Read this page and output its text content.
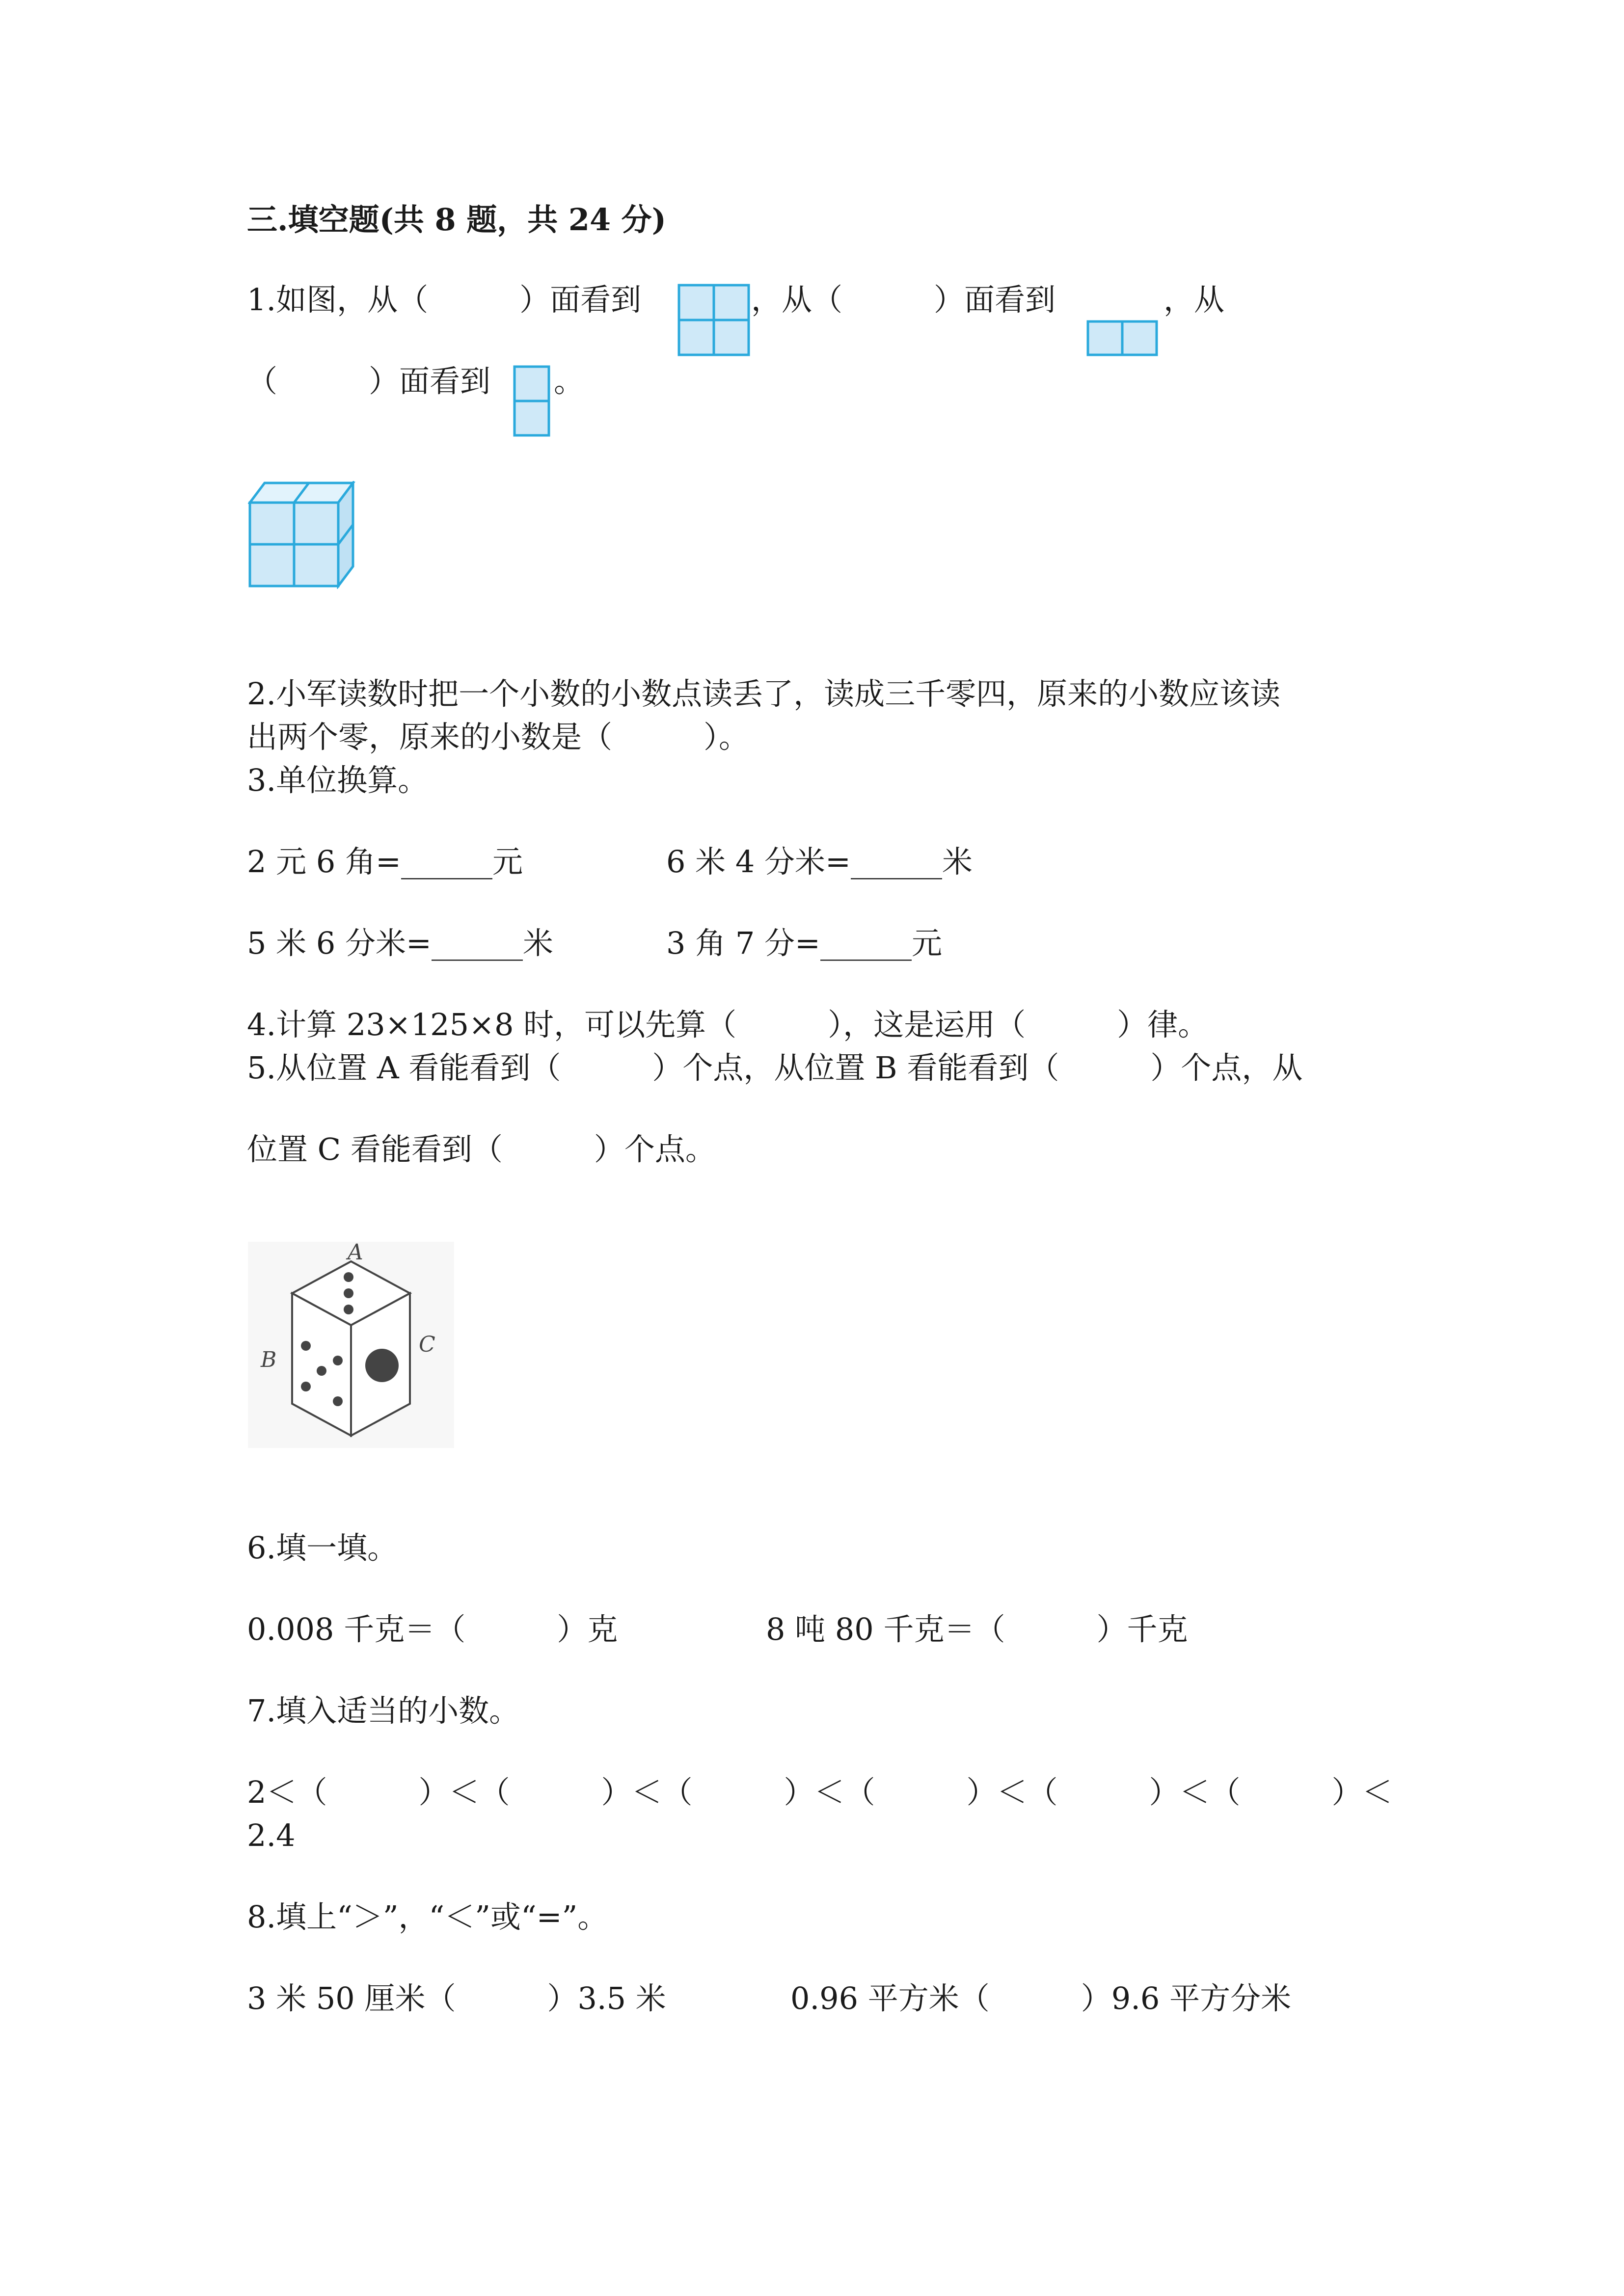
三.填空题(共 8 题，共 24 分)
1.如图，从（　　　）面看到	，从（　　　）面看到	，从
（　　　）面看到 。
2.小军读数时把一个小数的小数点读丢了，读成三千零四，原来的小数应该读
出两个零，原来的小数是（　　　）。
3.单位换算。
2 元 6 角=______元	6 米 4 分米=______米
5 米 6 分米=______米	3 角 7 分=______元
4.计算 23×125×8 时，可以先算（　　　），这是运用（　　　）律。
5.从位置 A 看能看到（　　　）个点，从位置 B 看能看到（　　　）个点，从
位置 C 看能看到（　　　）个点。
A
B
C
6.填一填。
0.008 千克＝（　　　）克	8 吨 80 千克＝（　　　）千克
7.填入适当的小数。
2＜（　　　）＜（　　　）＜（　　　）＜（　　　）＜（　　　）＜（　　　）＜
2.4
8.填上“＞”，“＜”或“=”。
3 米 50 厘米（　　　）3.5 米	0.96 平方米（　　　）9.6 平方分米
